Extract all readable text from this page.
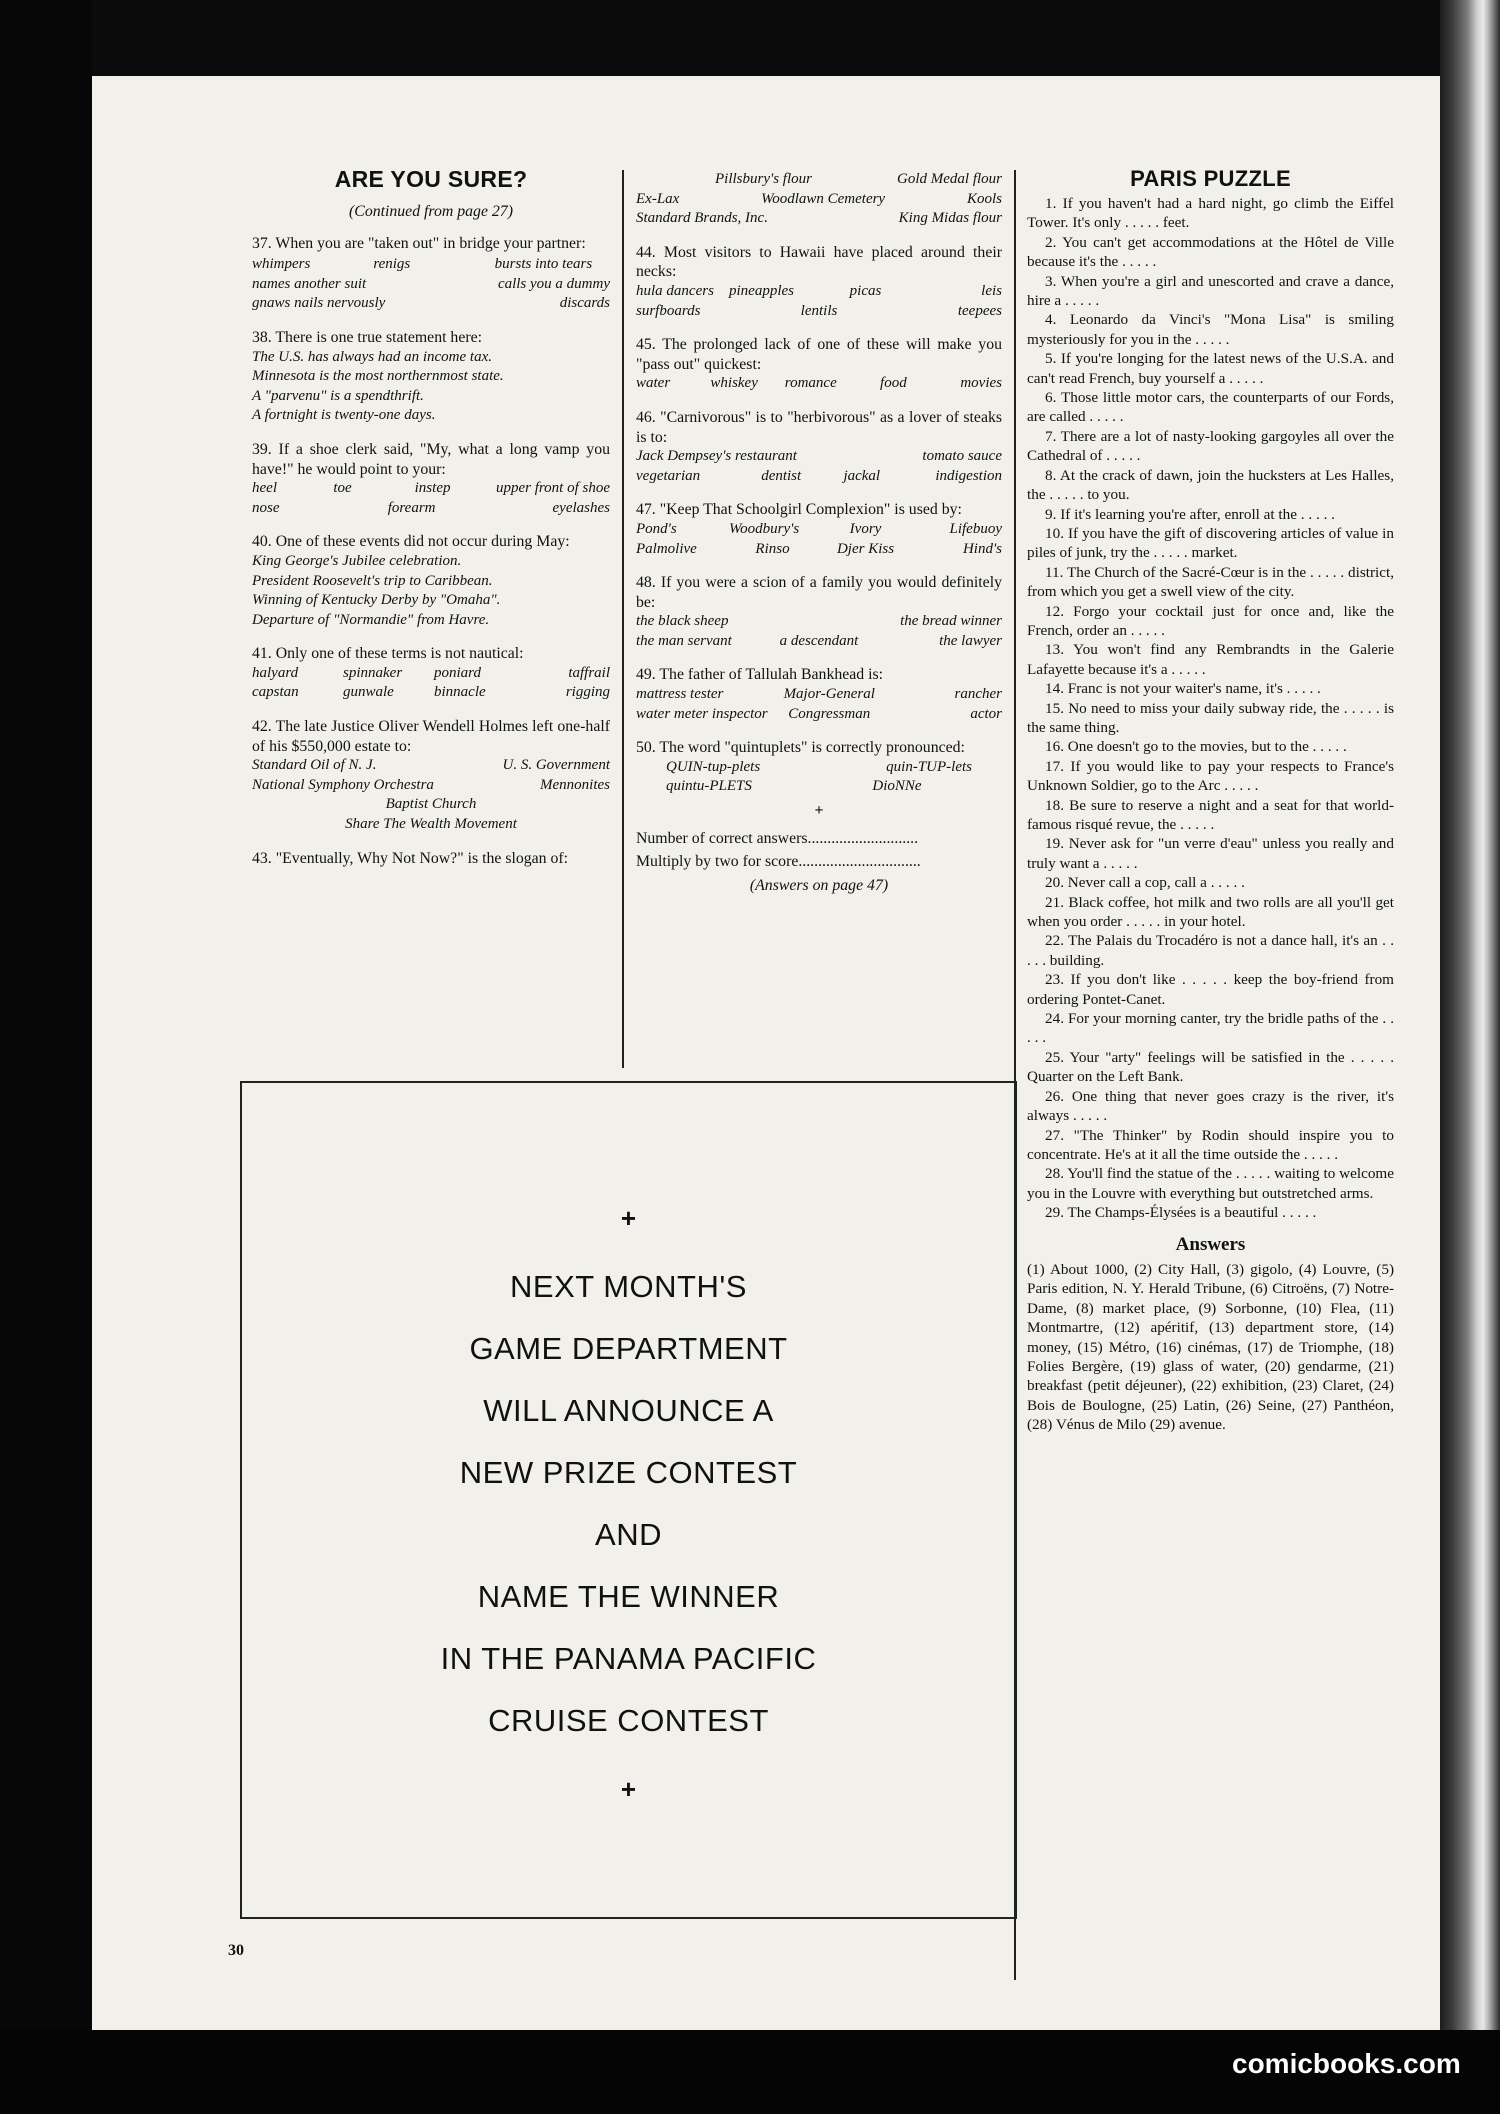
ARE YOU SURE?
(Continued from page 27)

37. When you are "taken out" in bridge your partner:

whimpers	renigs	bursts into tears
names another suit	calls you a dummy
gnaws nails nervously	discards

38. There is one true statement here:

The U.S. has always had an income tax.
Minnesota is the most northernmost state.
A "parvenu" is a spendthrift.
A fortnight is twenty-one days.

39. If a shoe clerk said, "My, what a long vamp you have!" he would point to your:

heel	toe	instep	upper front of shoe
nose	forearm	eyelashes

40. One of these events did not occur during May:

King George's Jubilee celebration.
President Roosevelt's trip to Caribbean.
Winning of Kentucky Derby by "Omaha".
Departure of "Normandie" from Havre.

41. Only one of these terms is not nautical:

halyard	spinnaker	poniard	taffrail
capstan	gunwale	binnacle	rigging

42. The late Justice Oliver Wendell Holmes left one-half of his $550,000 estate to:

Standard Oil of N. J.	U. S. Government
National Symphony Orchestra	Mennonites
Baptist Church
Share The Wealth Movement

43. "Eventually, Why Not Now?" is the slogan of:

Pillsbury's flour	Gold Medal flour
Ex-Lax	Woodlawn Cemetery	Kools
Standard Brands, Inc.	King Midas flour

44. Most visitors to Hawaii have placed around their necks:

hula dancers	pineapples	picas	leis
surfboards	lentils	teepees

45. The prolonged lack of one of these will make you "pass out" quickest:

water	whiskey	romance	food	movies

46. "Carnivorous" is to "herbivorous" as a lover of steaks is to:

Jack Dempsey's restaurant	tomato sauce
vegetarian	dentist	jackal	indigestion

47. "Keep That Schoolgirl Complexion" is used by:

Pond's	Woodbury's	Ivory	Lifebuoy
Palmolive	Rinso	Djer Kiss	Hind's

48. If you were a scion of a family you would definitely be:

the black sheep	the bread winner
the man servant	a descendant	the lawyer

49. The father of Tallulah Bankhead is:

mattress tester	Major-General	rancher
water meter inspector	Congressman	actor

50. The word "quintuplets" is correctly pronounced:

QUIN-tup-plets	quin-TUP-lets
quintu-PLETS	DioNNe
+
Number of correct answers............................
Multiply by two for score...............................
(Answers on page 47)
PARIS PUZZLE

1. If you haven't had a hard night, go climb the Eiffel Tower. It's only . . . . . feet.

2. You can't get accommodations at the Hôtel de Ville because it's the . . . . .

3. When you're a girl and unescorted and crave a dance, hire a . . . . .

4. Leonardo da Vinci's "Mona Lisa" is smiling mysteriously for you in the . . . . .

5. If you're longing for the latest news of the U.S.A. and can't read French, buy yourself a . . . . .

6. Those little motor cars, the counterparts of our Fords, are called . . . . .

7. There are a lot of nasty-looking gargoyles all over the Cathedral of . . . . .

8. At the crack of dawn, join the hucksters at Les Halles, the . . . . . to you.

9. If it's learning you're after, enroll at the . . . . .

10. If you have the gift of discovering articles of value in piles of junk, try the . . . . . market.

11. The Church of the Sacré-Cœur is in the . . . . . district, from which you get a swell view of the city.

12. Forgo your cocktail just for once and, like the French, order an . . . . .

13. You won't find any Rembrandts in the Galerie Lafayette because it's a . . . . .

14. Franc is not your waiter's name, it's . . . . .

15. No need to miss your daily subway ride, the . . . . . is the same thing.

16. One doesn't go to the movies, but to the . . . . .

17. If you would like to pay your respects to France's Unknown Soldier, go to the Arc . . . . .

18. Be sure to reserve a night and a seat for that world-famous risqué revue, the . . . . .

19. Never ask for "un verre d'eau" unless you really and truly want a . . . . .

20. Never call a cop, call a . . . . .

21. Black coffee, hot milk and two rolls are all you'll get when you order . . . . . in your hotel.

22. The Palais du Trocadéro is not a dance hall, it's an . . . . . building.

23. If you don't like . . . . . keep the boy-friend from ordering Pontet-Canet.

24. For your morning canter, try the bridle paths of the . . . . .

25. Your "arty" feelings will be satisfied in the . . . . . Quarter on the Left Bank.

26. One thing that never goes crazy is the river, it's always . . . . .

27. "The Thinker" by Rodin should inspire you to concentrate. He's at it all the time outside the . . . . .

28. You'll find the statue of the . . . . . waiting to welcome you in the Louvre with everything but outstretched arms.

29. The Champs-Élysées is a beautiful . . . . .

Answers
(1) About 1000, (2) City Hall, (3) gigolo, (4) Louvre, (5) Paris edition, N. Y. Herald Tribune, (6) Citroëns, (7) Notre-Dame, (8) market place, (9) Sorbonne, (10) Flea, (11) Montmartre, (12) apéritif, (13) department store, (14) money, (15) Métro, (16) cinémas, (17) de Triomphe, (18) Folies Bergère, (19) glass of water, (20) gendarme, (21) breakfast (petit déjeuner), (22) exhibition, (23) Claret, (24) Bois de Boulogne, (25) Latin, (26) Seine, (27) Panthéon, (28) Vénus de Milo (29) avenue.
+
NEXT MONTH'S
GAME DEPARTMENT
WILL ANNOUNCE A
NEW PRIZE CONTEST
AND
NAME THE WINNER
IN THE PANAMA PACIFIC
CRUISE CONTEST
+
30
comicbooks.com
